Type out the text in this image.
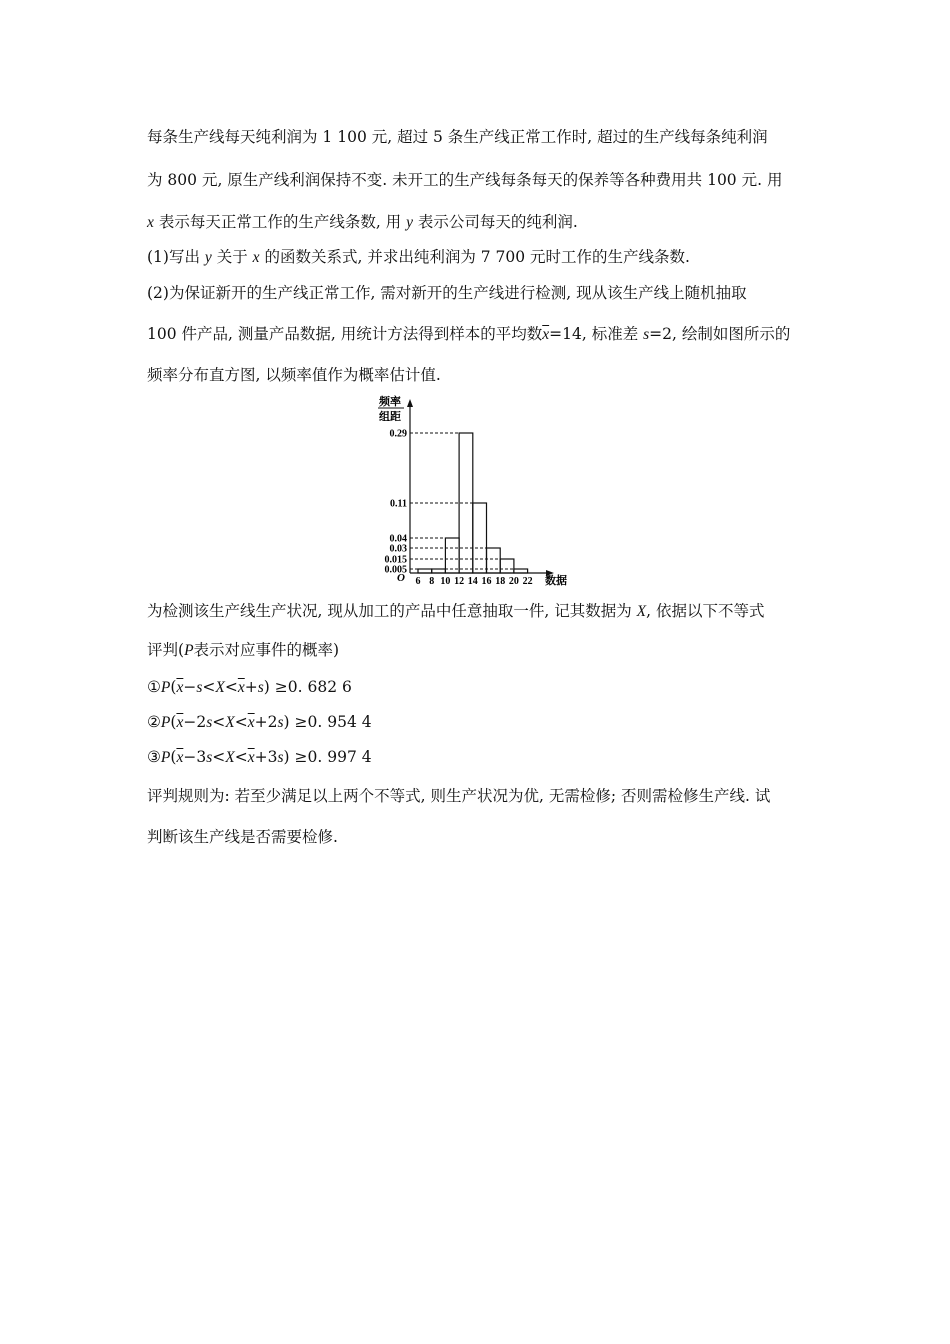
每条生产线每天纯利润为 1 100 元, 超过 5 条生产线正常工作时, 超过的生产线每条纯利润
为 800 元, 原生产线利润保持不变. 未开工的生产线每条每天的保养等各种费用共 100 元. 用
x 表示每天正常工作的生产线条数, 用 y 表示公司每天的纯利润.
(1)写出 y 关于 x 的函数关系式, 并求出纯利润为 7 700 元时工作的生产线条数.
(2)为保证新开的生产线正常工作, 需对新开的生产线进行检测, 现从该生产线上随机抽取
100 件产品, 测量产品数据, 用统计方法得到样本的平均数$\overline{x}=14$, 标准差 s=2, 绘制如图所示的
频率分布直方图, 以频率值作为概率估计值.
频率
组距
数据
O
0.29
0.11
0.04
0.03
0.015
0.005
6 8 10 12 14 16 18 20 22
为检测该生产线生产状况, 现从加工的产品中任意抽取一件, 记其数据为 X, 依据以下不等式
评判(P表示对应事件的概率)
$①P(\overline{x}-s<X<\overline{x}+s) \ge 0$. 682 6
$②P(\overline{x}-2s<X<\overline{x}+2s) \ge 0$. 954 4
$③P(\overline{x}-3s<X<\overline{x}+3s) \ge 0$. 997 4
评判规则为: 若至少满足以上两个不等式, 则生产状况为优, 无需检修; 否则需检修生产线. 试
判断该生产线是否需要检修.
